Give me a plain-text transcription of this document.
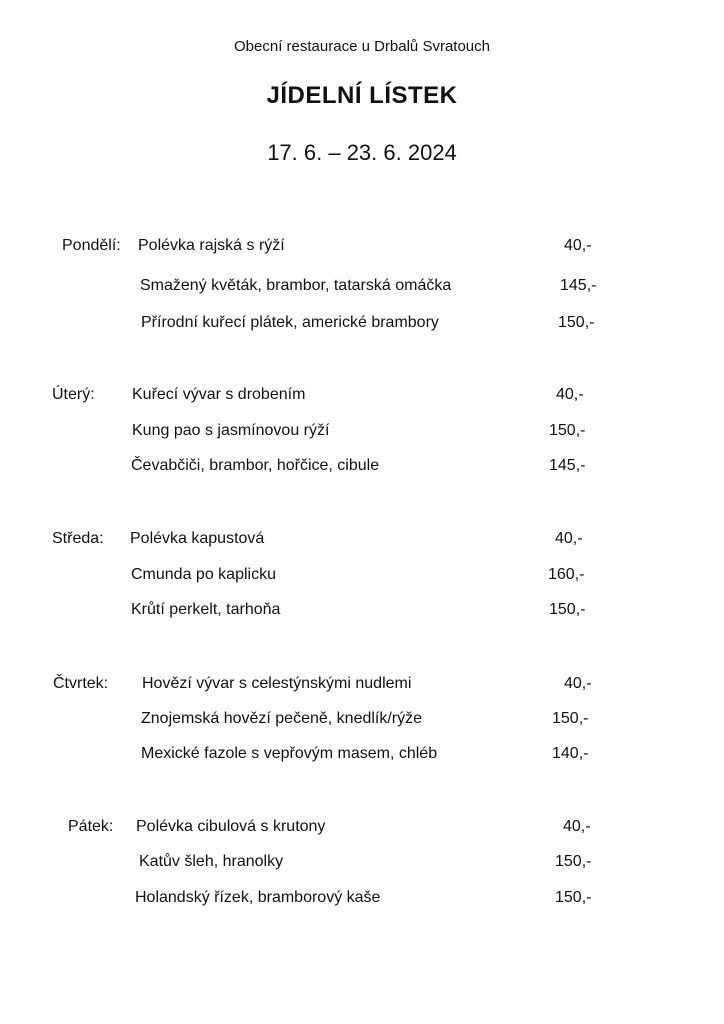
Obecní restaurace u Drbalů Svratouch
JÍDELNÍ LÍSTEK
17. 6. – 23. 6. 2024
Pondělí: Polévka rajská s rýží	40,-
Smažený květák, brambor, tatarská omáčka	145,-
Přírodní kuřecí plátek, americké brambory	150,-
Úterý: Kuřecí vývar s drobením	40,-
Kung pao s jasmínovou rýží	150,-
Čevabčiči, brambor, hořčice, cibule	145,-
Středa: Polévka kapustová	40,-
Cmunda po kaplicku	160,-
Krůtí perkelt, tarhoňa	150,-
Čtvrtek: Hovězí vývar s celestýnskými nudlemi	40,-
Znojemská hovězí pečeně, knedlík/rýže	150,-
Mexické fazole s vepřovým masem, chléb	140,-
Pátek: Polévka cibulová s krutony	40,-
Katův šleh, hranolky	150,-
Holandský řízek, bramborový kaše	150,-
